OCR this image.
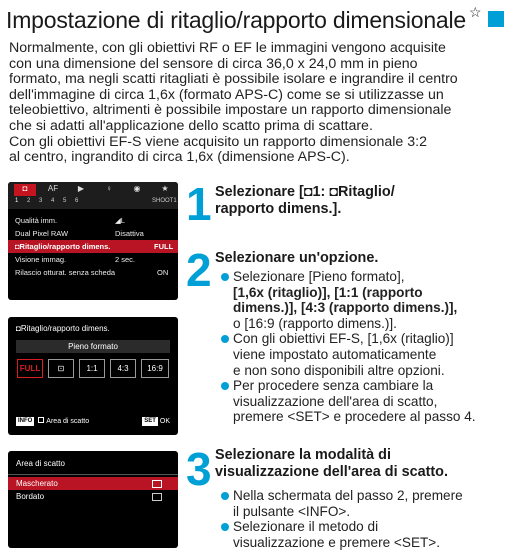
Impostazione di ritaglio/rapporto dimensionale ☆

Normalmente, con gli obiettivi RF o EF le immagini vengono acquisite

con una dimensione del sensore di circa 36,0 x 24,0 mm in pieno

formato, ma negli scatti ritagliati è possibile isolare e ingrandire il centro

dell'immagine di circa 1,6x (formato APS-C) come se si utilizzasse un

teleobiettivo, altrimenti è possibile impostare un rapporto dimensionale

che si adatti all'applicazione dello scatto prima di scattare.

Con gli obiettivi EF-S viene acquisito un rapporto dimensionale 3:2

al centro, ingrandito di circa 1,6x (dimensione APS-C).

◘	AF	▶	♀	◉	★
1 2 3 4 5 6	SHOOT1
Qualità imm.	◢L
Dual Pixel RAW	Disattiva
◘Ritaglio/rapporto dimens.	FULL
Visione immag.	2 sec.
Rilascio otturat. senza scheda	ON
◘Ritaglio/rapporto dimens.
Pieno formato
FULL	⊡	1:1	4:3	16:9
INFO Area di scatto	SET OK
Area di scatto
Mascherato
Bordato
1
2
3

Selezionare [◘1: ◘Ritaglio/

rapporto dimens.].

Selezionare un'opzione.

Selezionare la modalità di

visualizzazione dell'area di scatto.

Selezionare [Pieno formato],

[1,6x (ritaglio)], [1:1 (rapporto

dimens.)], [4:3 (rapporto dimens.)],

o [16:9 (rapporto dimens.)].

Con gli obiettivi EF-S, [1,6x (ritaglio)]

viene impostato automaticamente

e non sono disponibili altre opzioni.

Per procedere senza cambiare la

visualizzazione dell'area di scatto,

premere <SET> e procedere al passo 4.

Nella schermata del passo 2, premere

il pulsante <INFO>.

Selezionare il metodo di

visualizzazione e premere <SET>.
